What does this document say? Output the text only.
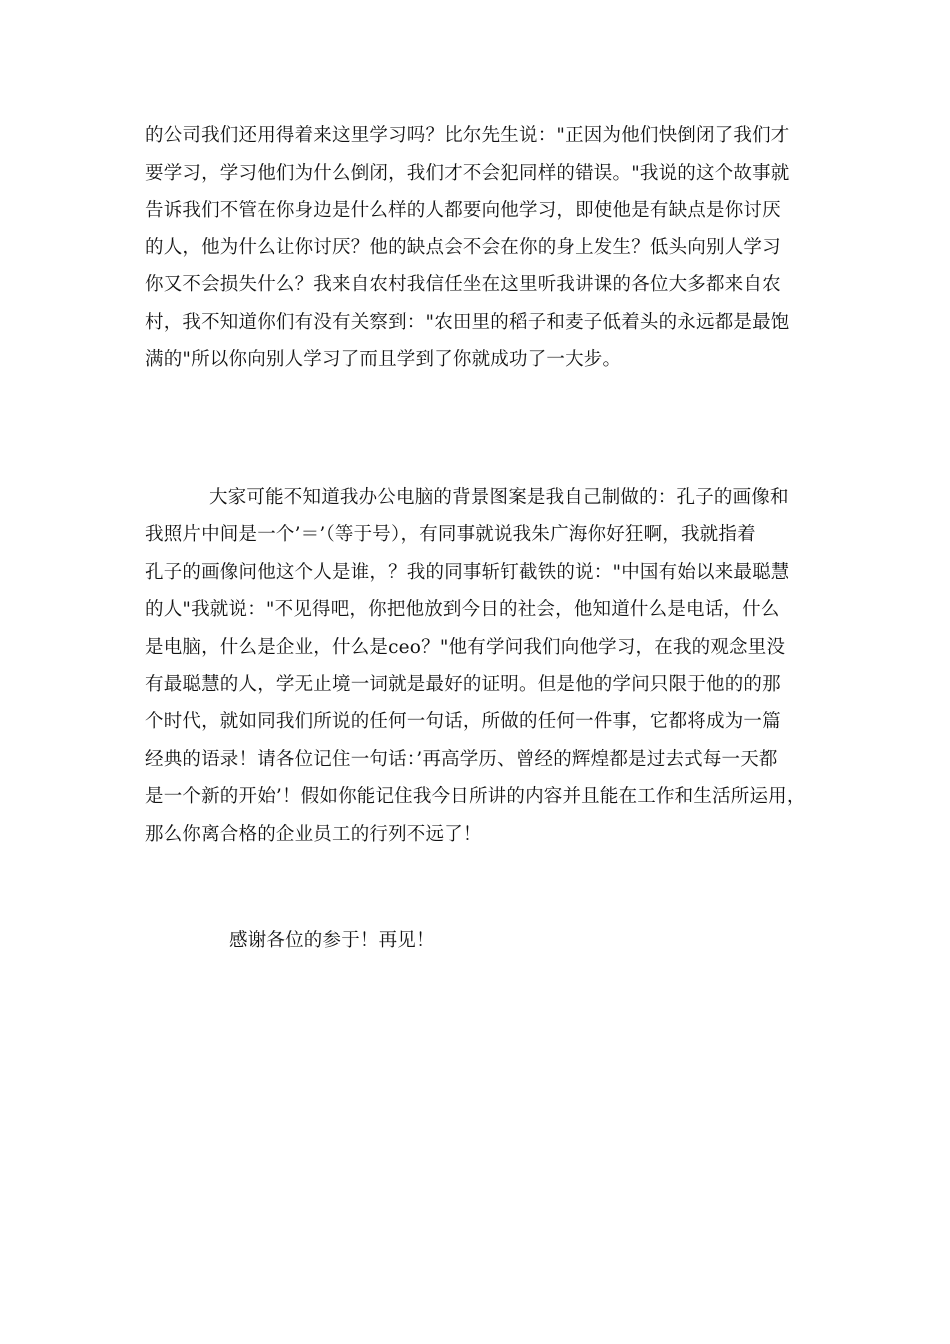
的公司我们还用得着来这里学习吗？比尔先生说："正因为他们快倒闭了我们才
要学习，学习他们为什么倒闭，我们才不会犯同样的错误。"我说的这个故事就
告诉我们不管在你身边是什么样的人都要向他学习，即使他是有缺点是你讨厌
的人，他为什么让你讨厌？他的缺点会不会在你的身上发生？低头向别人学习
你又不会损失什么？我来自农村我信任坐在这里听我讲课的各位大多都来自农
村，我不知道你们有没有关察到："农田里的稻子和麦子低着头的永远都是最饱
满的"所以你向别人学习了而且学到了你就成功了一大步。
大家可能不知道我办公电脑的背景图案是我自己制做的：孔子的画像和
我照片中间是一个’＝’（等于号），有同事就说我朱广海你好狂啊，我就指着
孔子的画像问他这个人是谁，？我的同事斩钉截铁的说："中国有始以来最聪慧
的人"我就说："不见得吧，你把他放到今日的社会，他知道什么是电话，什么
是电脑，什么是企业，什么是ceo？"他有学问我们向他学习，在我的观念里没
有最聪慧的人，学无止境一词就是最好的证明。但是他的学问只限于他的的那
个时代，就如同我们所说的任何一句话，所做的任何一件事，它都将成为一篇
经典的语录！请各位记住一句话：’再高学历、曾经的辉煌都是过去式每一天都
是一个新的开始’！假如你能记住我今日所讲的内容并且能在工作和生活所运用，
那么你离合格的企业员工的行列不远了！
感谢各位的参于！再见！
